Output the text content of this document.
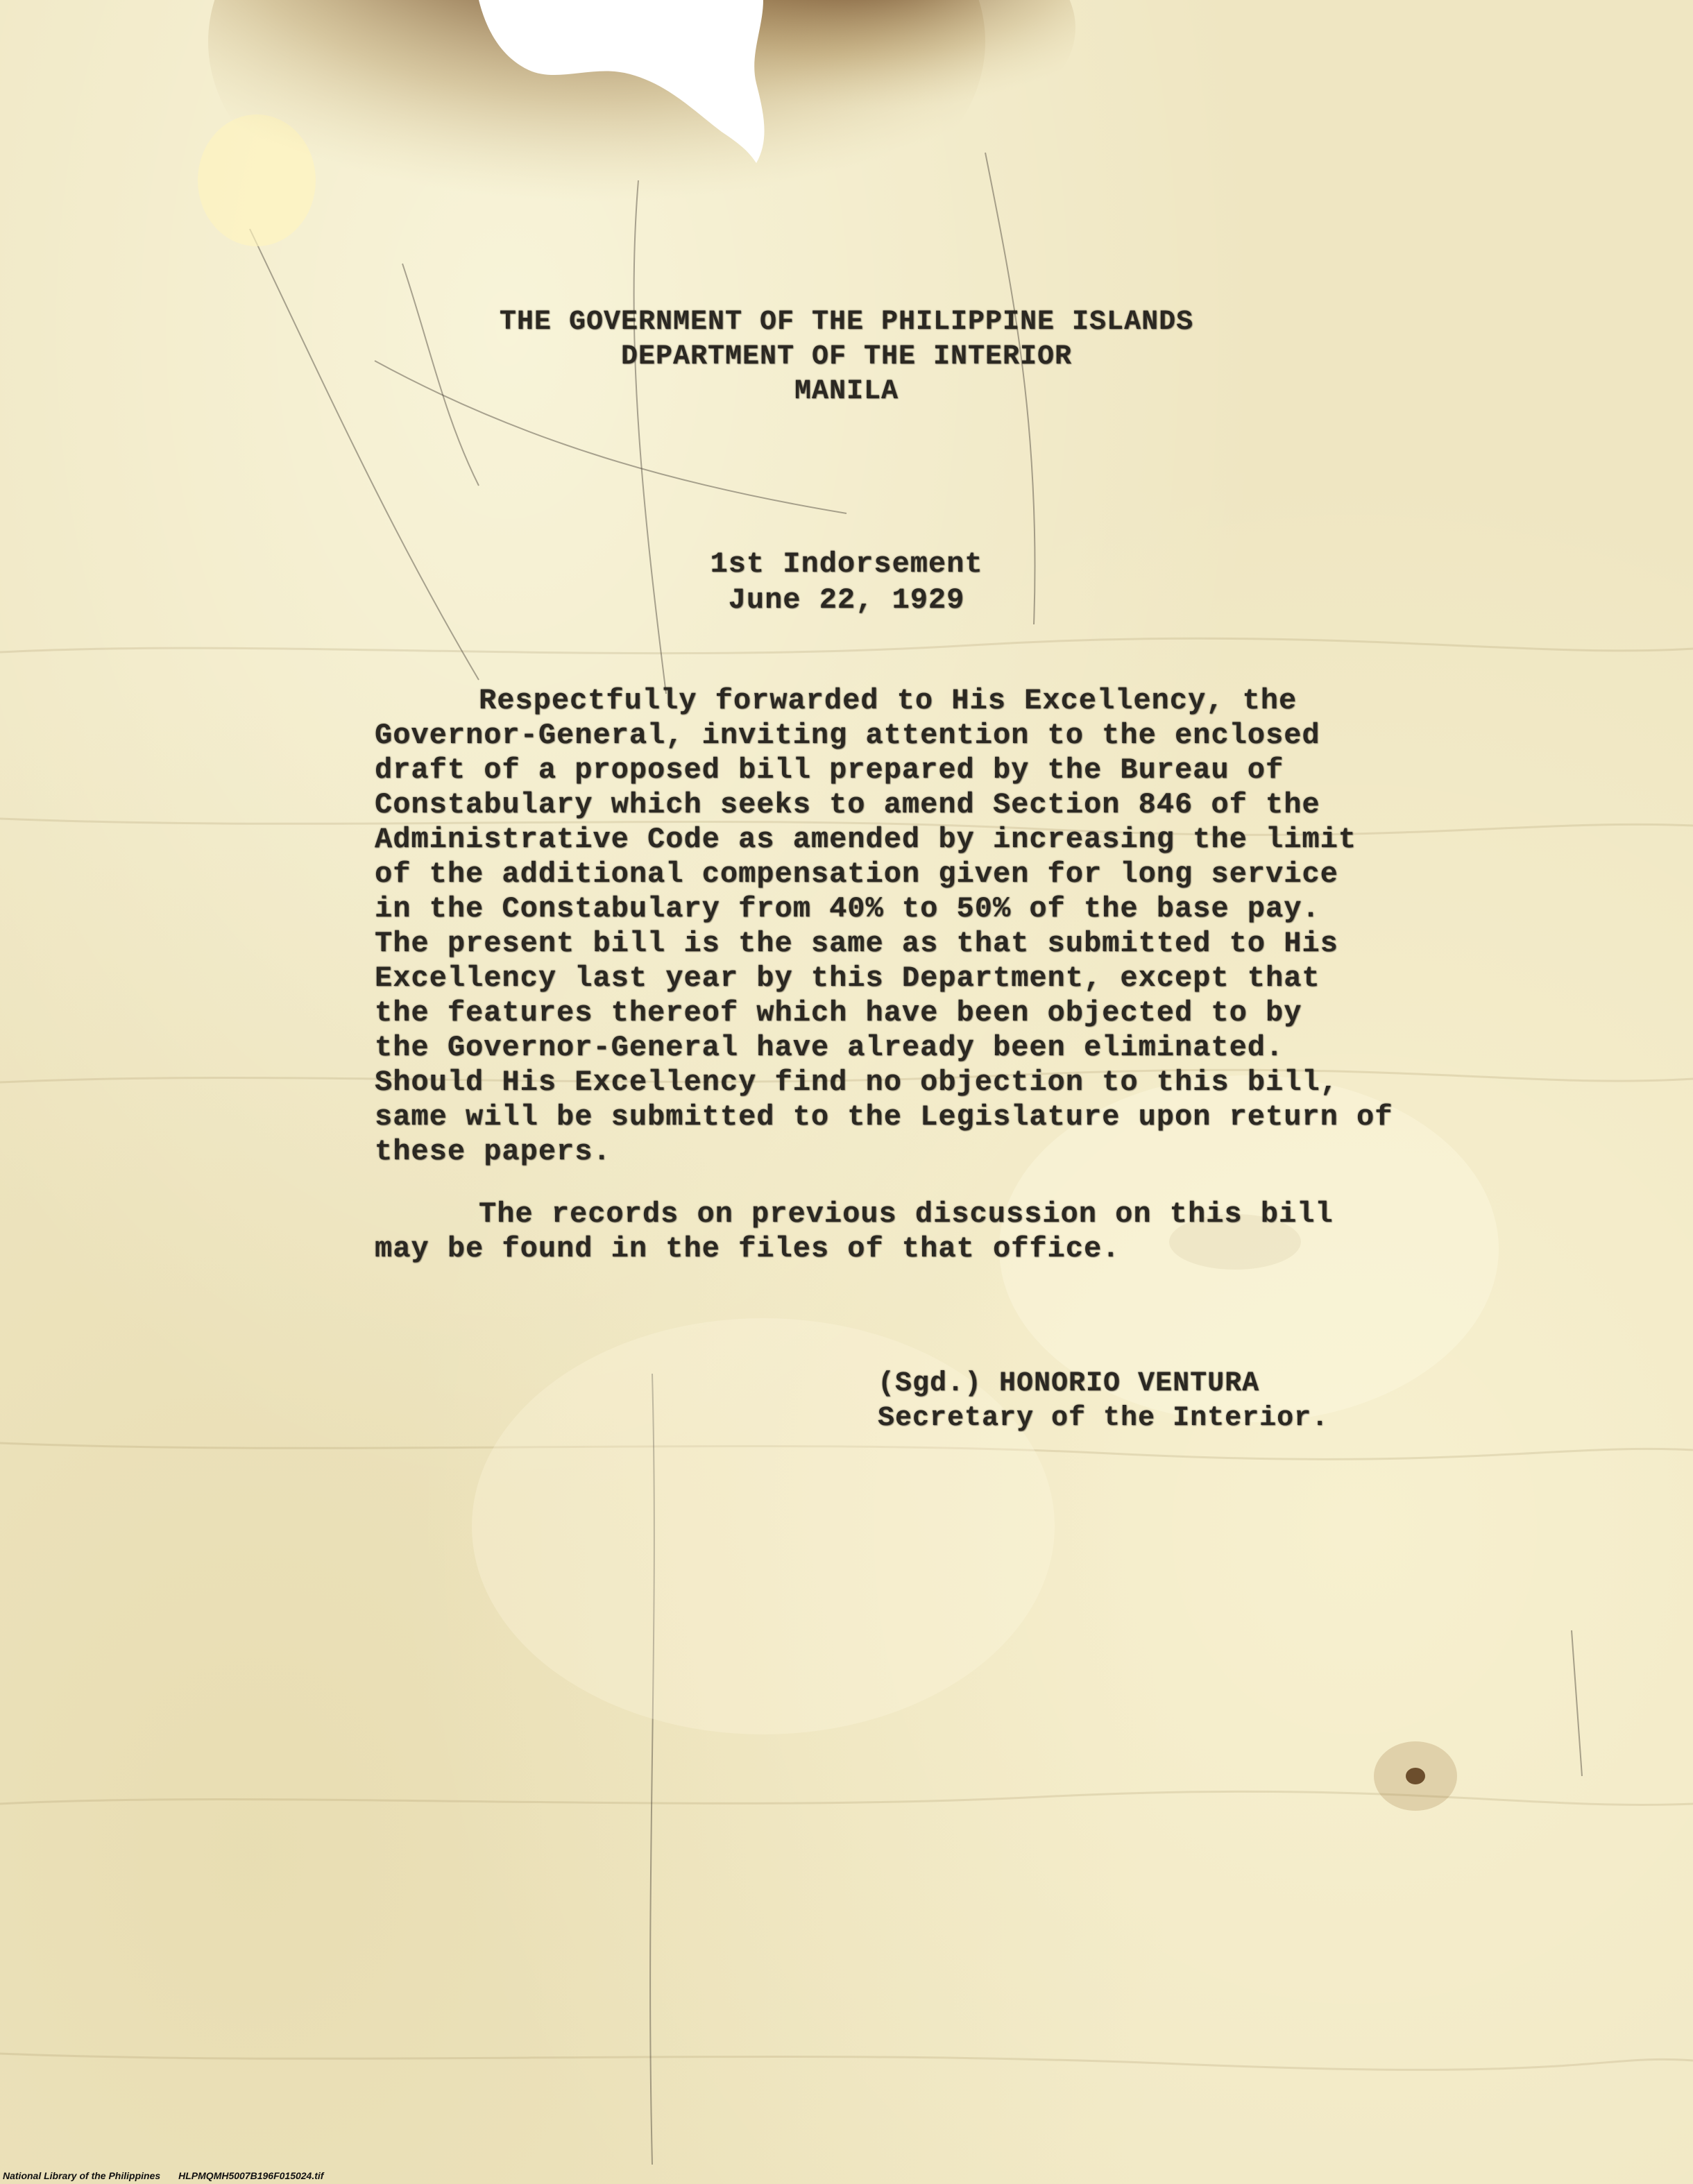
THE GOVERNMENT OF THE PHILIPPINE ISLANDS
DEPARTMENT OF THE INTERIOR
MANILA
1st Indorsement
June 22, 1929
Respectfully forwarded to His Excellency, the
Governor-General, inviting attention to the enclosed
draft of a proposed bill prepared by the Bureau of
Constabulary which seeks to amend Section 846 of the
Administrative Code as amended by increasing the limit
of the additional compensation given for long service
in the Constabulary from 40% to 50% of the base pay.
The present bill is the same as that submitted to His
Excellency last year by this Department, except that
the features thereof which have been objected to by
the Governor-General have already been eliminated.
Should His Excellency find no objection to this bill,
same will be submitted to the Legislature upon return of
these papers.
The records on previous discussion on this bill
may be found in the files of that office.
(Sgd.) HONORIO VENTURA
Secretary of the Interior.
National Library of the Philippines HLPMQMH5007B196F015024.tif
